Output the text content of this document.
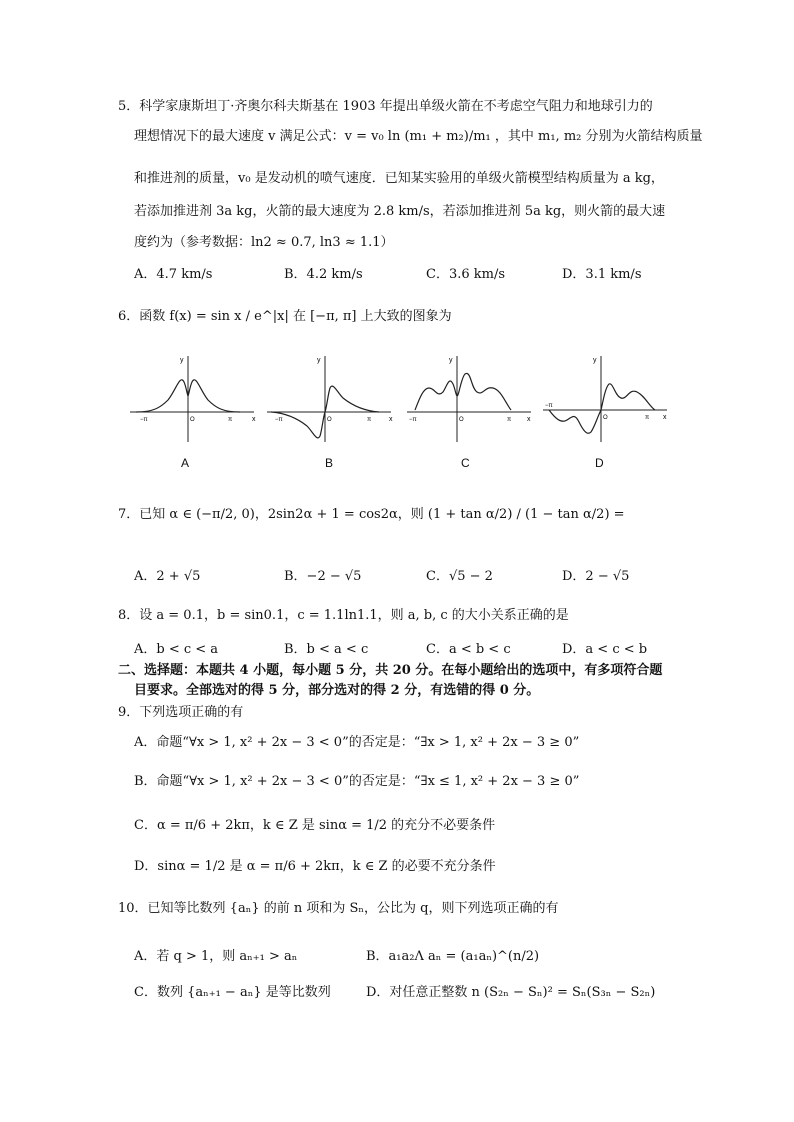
5．科学家康斯坦丁·齐奥尔科夫斯基在 1903 年提出单级火箭在不考虑空气阻力和地球引力的
理想情况下的最大速度 v 满足公式：v = v₀ ln (m₁ + m₂)/m₁ ，其中 m₁, m₂ 分别为火箭结构质量
和推进剂的质量，v₀ 是发动机的喷气速度．已知某实验用的单级火箭模型结构质量为 a kg，
若添加推进剂 3a kg，火箭的最大速度为 2.8 km/s，若添加推进剂 5a kg，则火箭的最大速
度约为（参考数据：ln2 ≈ 0.7, ln3 ≈ 1.1）
A．4.7 km/s	B．4.2 km/s	C．3.6 km/s	D．3.1 km/s
6．函数 f(x) = sin x / e^|x| 在 [−π, π] 上大致的图象为
y
x
O
−π	π
A
y
x
O
−π	π
B
y
x
O
−π	π
C
y
x
O
−π
π
D
7．已知 α ∈ (−π/2, 0)，2sin2α + 1 = cos2α，则 (1 + tan α/2) / (1 − tan α/2) =
A．2 + √5	B．−2 − √5	C．√5 − 2	D．2 − √5
8．设 a = 0.1，b = sin0.1，c = 1.1ln1.1，则 a, b, c 的大小关系正确的是
A．b < c < a	B．b < a < c	C．a < b < c	D．a < c < b
二、选择题：本题共 4 小题，每小题 5 分，共 20 分。在每小题给出的选项中，有多项符合题
目要求。全部选对的得 5 分，部分选对的得 2 分，有选错的得 0 分。
9．下列选项正确的有
A．命题“∀x > 1, x² + 2x − 3 < 0”的否定是：“∃x > 1, x² + 2x − 3 ≥ 0”
B．命题“∀x > 1, x² + 2x − 3 < 0”的否定是：“∃x ≤ 1, x² + 2x − 3 ≥ 0”
C．α = π/6 + 2kπ，k ∈ Z 是 sinα = 1/2 的充分不必要条件
D．sinα = 1/2 是 α = π/6 + 2kπ，k ∈ Z 的必要不充分条件
10．已知等比数列 {aₙ} 的前 n 项和为 Sₙ，公比为 q，则下列选项正确的有
A．若 q > 1，则 aₙ₊₁ > aₙ	B．a₁a₂Λ aₙ = (a₁aₙ)^(n/2)
C．数列 {aₙ₊₁ − aₙ} 是等比数列	D．对任意正整数 n (S₂ₙ − Sₙ)² = Sₙ(S₃ₙ − S₂ₙ)
